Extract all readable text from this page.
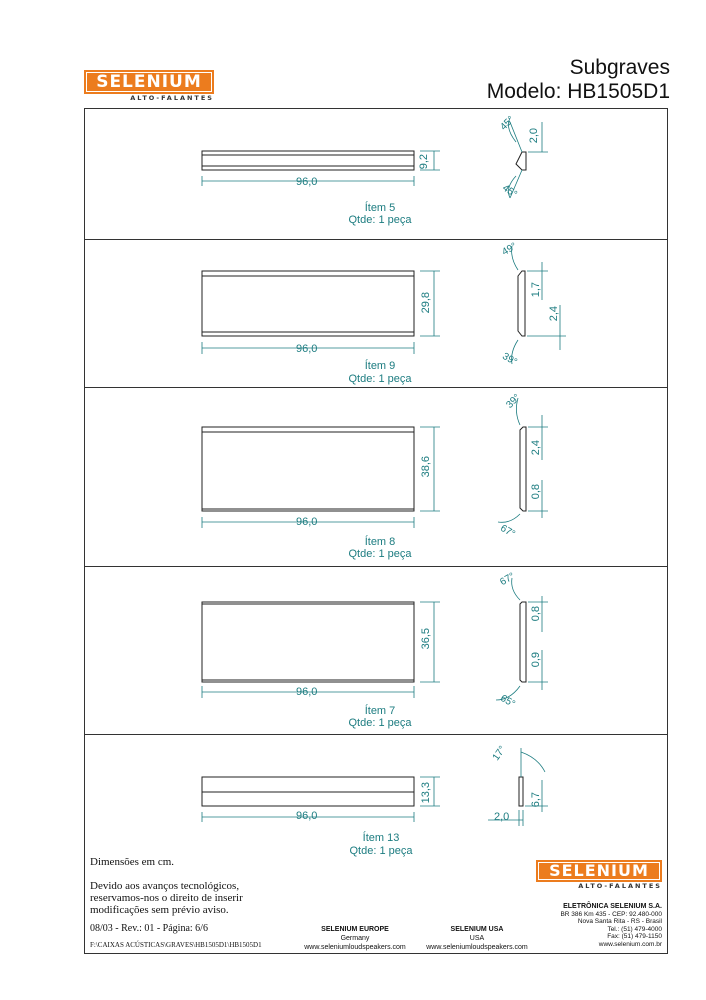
SELENIUM
ALTO-FALANTES
Subgraves
Modelo: HB1505D1
96,0
9,2
2,0
45°
45°
Ítem 5
Qtde: 1 peça
96,0
29,8
1,7
2,4
49°
39°
Ítem 9
Qtde: 1 peça
96,0
38,6
2,4
0,8
39°
67°
Ítem 8
Qtde: 1 peça
96,0
36,5
0,8
0,9
67°
65°
Ítem 7
Qtde: 1 peça
96,0
13,3	6,7
2,0
17°
Ítem 13
Qtde: 1 peça
Dimensões em cm.
Devido aos avanços tecnológicos,
reservamos-nos o direito de inserir
modificações sem prévio aviso.
08/03 - Rev.: 01 - Página: 6/6
F:\CAIXAS ACÚSTICAS\GRAVES\HB1505D1\HB1505D1
SELENIUM EUROPE
Germany
www.seleniumloudspeakers.com
SELENIUM USA
USA
www.seleniumloudspeakers.com
SELENIUM
ALTO-FALANTES
ELETRÔNICA SELENIUM S.A.
BR 386 Km 435 - CEP: 92.480-000
Nova Santa Rita - RS - Brasil
Tel.: (51) 479-4000
Fax: (51) 479-1150
www.selenium.com.br
